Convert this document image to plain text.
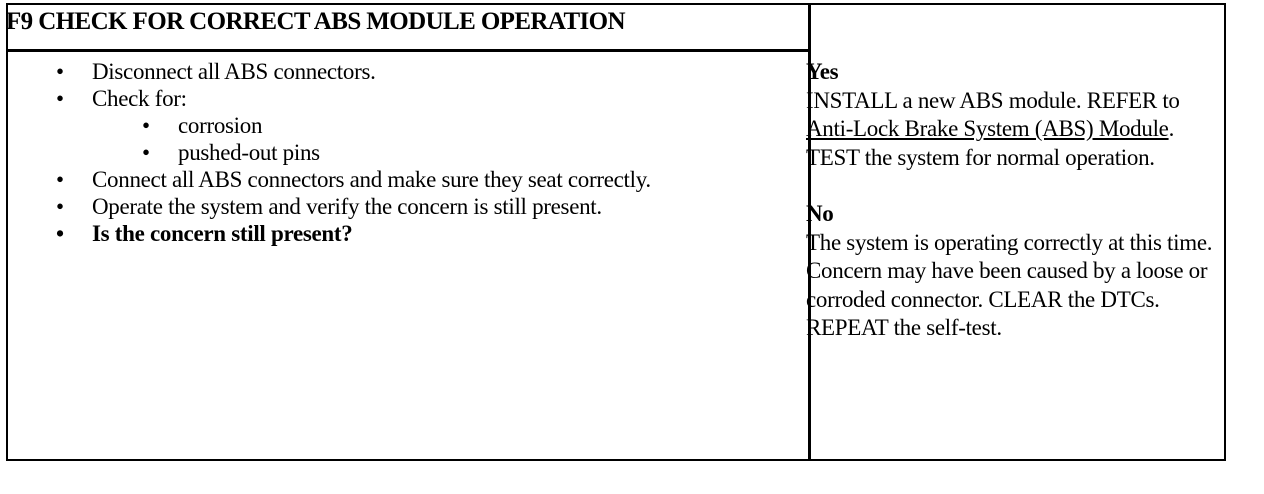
F9 CHECK FOR CORRECT ABS MODULE OPERATION
• Disconnect all ABS connectors.
• Check for:
• corrosion
• pushed-out pins
• Connect all ABS connectors and make sure they seat correctly.
• Operate the system and verify the concern is still present.
• Is the concern still present?
Yes
INSTALL a new ABS module. REFER to Anti-Lock Brake System (ABS) Module. TEST the system for normal operation.
No
The system is operating correctly at this time. Concern may have been caused by a loose or corroded connector. CLEAR the DTCs. REPEAT the self-test.
